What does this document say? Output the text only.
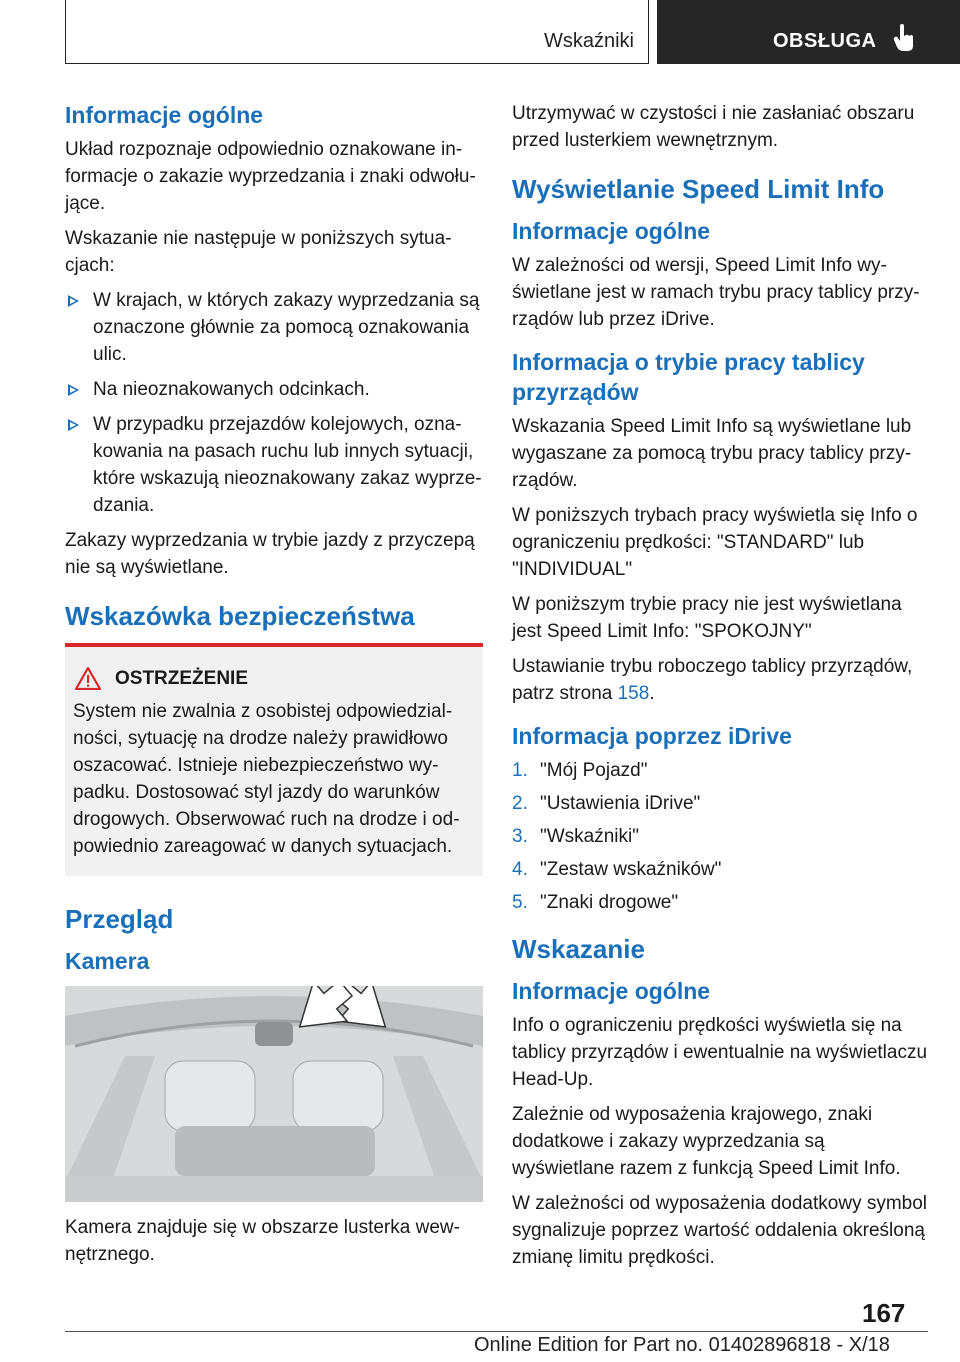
Wskaźniki	OBSŁUGA
Informacje ogólne

Układ rozpoznaje odpowiednio oznakowane informacje o zakazie wyprzedzania i znaki odwołujące.

Wskazanie nie następuje w poniższych sytuacjach:

W krajach, w których zakazy wyprzedzania są oznaczone głównie za pomocą oznakowania ulic.
Na nieoznakowanych odcinkach.
W przypadku przejazdów kolejowych, oznakowania na pasach ruchu lub innych sytuacji, które wskazują nieoznakowany zakaz wyprzedzania.

Zakazy wyprzedzania w trybie jazdy z przyczepą nie są wyświetlane.

Wskazówka bezpieczeństwa
OSTRZEŻENIE
System nie zwalnia z osobistej odpowiedzialności, sytuację na drodze należy prawidłowo oszacować. Istnieje niebezpieczeństwo wypadku. Dostosować styl jazdy do warunków drogowych. Obserwować ruch na drodze i odpowiednio zareagować w danych sytuacjach.
Przegląd
Kamera

Kamera znajduje się w obszarze lusterka wewnętrznego.

Utrzymywać w czystości i nie zasłaniać obszaru przed lusterkiem wewnętrznym.

Wyświetlanie Speed Limit Info
Informacje ogólne

W zależności od wersji, Speed Limit Info wyświetlane jest w ramach trybu pracy tablicy przyrządów lub przez iDrive.

Informacja o trybie pracy tablicy przyrządów

Wskazania Speed Limit Info są wyświetlane lub wygaszane za pomocą trybu pracy tablicy przyrządów.

W poniższych trybach pracy wyświetla się Info o ograniczeniu prędkości: "STANDARD" lub "INDIVIDUAL"

W poniższym trybie pracy nie jest wyświetlana jest Speed Limit Info: "SPOKOJNY"

Ustawianie trybu roboczego tablicy przyrządów, patrz strona 158.

Informacja poprzez iDrive
1. "Mój Pojazd"
2. "Ustawienia iDrive"
3. "Wskaźniki"
4. "Zestaw wskaźników"
5. "Znaki drogowe"
Wskazanie
Informacje ogólne

Info o ograniczeniu prędkości wyświetla się na tablicy przyrządów i ewentualnie na wyświetlaczu Head-Up.

Zależnie od wyposażenia krajowego, znaki dodatkowe i zakazy wyprzedzania są wyświetlane razem z funkcją Speed Limit Info.

W zależności od wyposażenia dodatkowy symbol sygnalizuje poprzez wartość oddalenia określoną zmianę limitu prędkości.

167
Online Edition for Part no. 01402896818 - X/18
